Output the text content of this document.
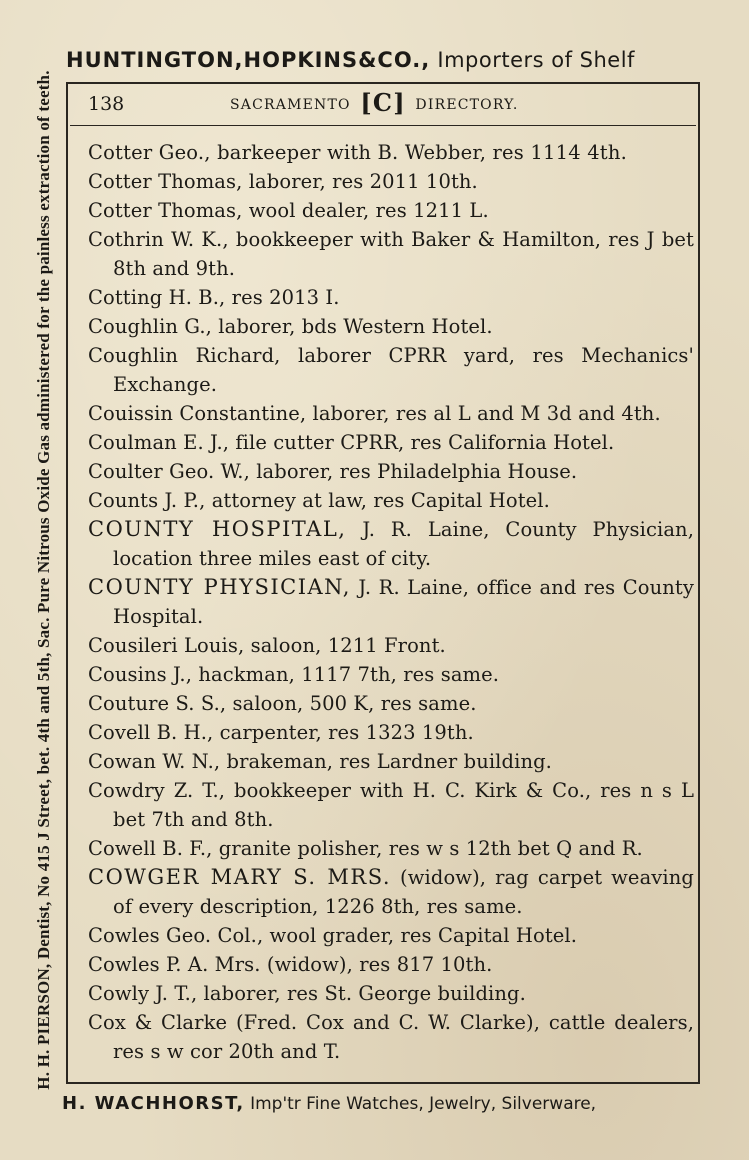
HUNTINGTON,HOPKINS&CO., Importers of Shelf
H. H. PIERSON, Dentist, No 415 J Street, bet. 4th and 5th, Sac. Pure Nitrous Oxide Gas administered for the painless extraction of teeth.	138	SACRAMENTO [C] DIRECTORY.
Cotter Geo., barkeeper with B. Webber, res 1114 4th.
Cotter Thomas, laborer, res 2011 10th.
Cotter Thomas, wool dealer, res 1211 L.
Cothrin W. K., bookkeeper with Baker & Hamilton, res J bet 8th and 9th.
Cotting H. B., res 2013 I.
Coughlin G., laborer, bds Western Hotel.
Coughlin Richard, laborer CPRR yard, res Mechanics' Exchange.
Couissin Constantine, laborer, res al L and M 3d and 4th.
Coulman E. J., file cutter CPRR, res California Hotel.
Coulter Geo. W., laborer, res Philadelphia House.
Counts J. P., attorney at law, res Capital Hotel.
COUNTY HOSPITAL, J. R. Laine, County Physician, location three miles east of city.
COUNTY PHYSICIAN, J. R. Laine, office and res County Hospital.
Cousileri Louis, saloon, 1211 Front.
Cousins J., hackman, 1117 7th, res same.
Couture S. S., saloon, 500 K, res same.
Covell B. H., carpenter, res 1323 19th.
Cowan W. N., brakeman, res Lardner building.
Cowdry Z. T., bookkeeper with H. C. Kirk & Co., res n s L bet 7th and 8th.
Cowell B. F., granite polisher, res w s 12th bet Q and R.
COWGER MARY S. MRS. (widow), rag carpet weaving of every description, 1226 8th, res same.
Cowles Geo. Col., wool grader, res Capital Hotel.
Cowles P. A. Mrs. (widow), res 817 10th.
Cowly J. T., laborer, res St. George building.
Cox & Clarke (Fred. Cox and C. W. Clarke), cattle dealers, res s w cor 20th and T.
H. WACHHORST, Imp'tr Fine Watches, Jewelry, Silverware,
